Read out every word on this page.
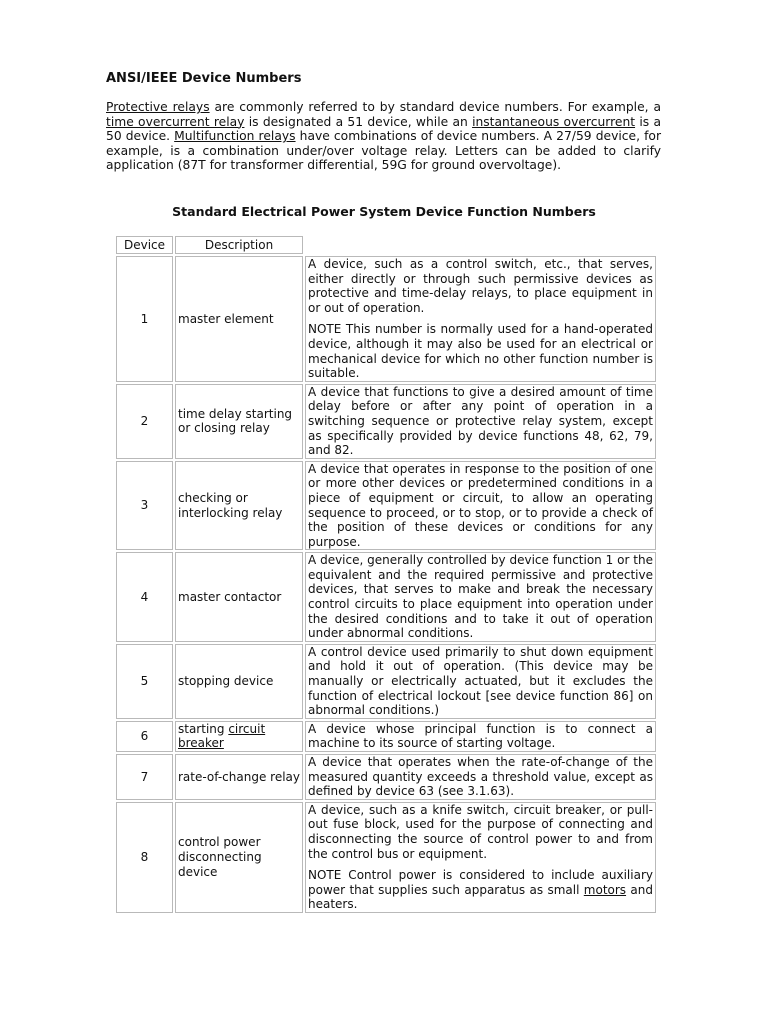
ANSI/IEEE Device Numbers
Protective relays are commonly referred to by standard device numbers. For example, a time overcurrent relay is designated a 51 device, while an instantaneous overcurrent is a 50 device. Multifunction relays have combinations of device numbers. A 27/59 device, for example, is a combination under/over voltage relay. Letters can be added to clarify application (87T for transformer differential, 59G for ground overvoltage).
Standard Electrical Power System Device Function Numbers
Device	Description	
1	master element	A device, such as a control switch, etc., that serves, either directly or through such permissive devices as protective and time-delay relays, to place equipment in or out of operation.
NOTE This number is normally used for a hand-operated device, although it may also be used for an electrical or mechanical device for which no other function number is suitable.

2	time delay starting or closing relay	A device that functions to give a desired amount of time delay before or after any point of operation in a switching sequence or protective relay system, except as specifically provided by device functions 48, 62, 79, and 82.
3	checking or interlocking relay	A device that operates in response to the position of one or more other devices or predetermined conditions in a piece of equipment or circuit, to allow an operating sequence to proceed, or to stop, or to provide a check of the position of these devices or conditions for any purpose.
4	master contactor	A device, generally controlled by device function 1 or the equivalent and the required permissive and protective devices, that serves to make and break the necessary control circuits to place equipment into operation under the desired conditions and to take it out of operation under abnormal conditions.
5	stopping device	A control device used primarily to shut down equipment and hold it out of operation. (This device may be manually or electrically actuated, but it excludes the function of electrical lockout [see device function 86] on abnormal conditions.)
6	starting circuit breaker	A device whose principal function is to connect a machine to its source of starting voltage.
7	rate-of-change relay	A device that operates when the rate-of-change of the measured quantity exceeds a threshold value, except as defined by device 63 (see 3.1.63).
8	control power disconnecting device	A device, such as a knife switch, circuit breaker, or pull-out fuse block, used for the purpose of connecting and disconnecting the source of control power to and from the control bus or equipment.
NOTE Control power is considered to include auxiliary power that supplies such apparatus as small motors and heaters.
